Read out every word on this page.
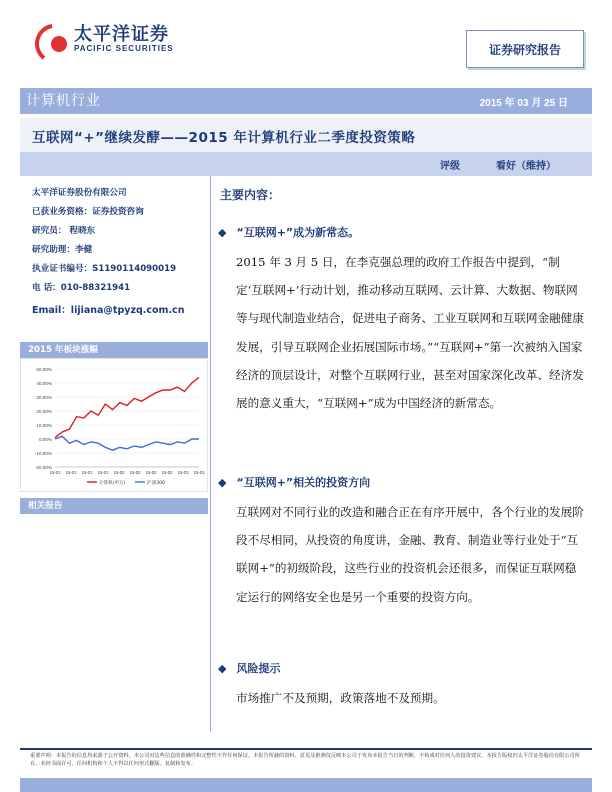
太平洋证券
PACIFIC SECURITIES	证券研究报告
计算机行业	2015 年 03 月 25 日
互联网“+”继续发酵——2015 年计算机行业二季度投资策略
评级	看好（维持）
太平洋证券股份有限公司
已获业务资格：证券投资咨询
研究员： 程晓东
研究助理：李健
执业证书编号：S1190114090019
电 话：010-88321941
Email：lijiana@tpyzq.com.cn
2015 年板块涨幅
50.00%
40.00%
30.00%
20.00%
10.00%
0.00%
-10.00%
-20.00%
15-01 15-01 15-01 15-01 15-02 15-02 15-02 15-02 15-03 15-03
计算机(申万)	沪深300
相关报告
主要内容：
◆ “互联网+”成为新常态。
2015 年 3 月 5 日，在李克强总理的政府工作报告中提到，“制定‘互联网+’行动计划，推动移动互联网、云计算、大数据、物联网等与现代制造业结合，促进电子商务、工业互联网和互联网金融健康发展，引导互联网企业拓展国际市场。”“互联网+”第一次被纳入国家经济的顶层设计，对整个互联网行业，甚至对国家深化改革、经济发展的意义重大，“互联网+”成为中国经济的新常态。
◆ “互联网+”相关的投资方向
互联网对不同行业的改造和融合正在有序开展中，各个行业的发展阶段不尽相同，从投资的角度讲，金融、教育、制造业等行业处于“互联网+”的初级阶段，这些行业的投资机会还很多，而保证互联网稳定运行的网络安全也是另一个重要的投资方向。
◆ 风险提示
市场推广不及预期，政策落地不及预期。
重要声明：本报告的信息均来源于公开资料，本公司对这些信息的准确性和完整性不作任何保证。本报告所载的资料、意见及推测仅反映本公司于发布本报告当日的判断，不构成对任何人的投资建议。本报告版权归太平洋证券股份有限公司所有，未经书面许可，任何机构和个人不得以任何形式翻版、复制和发布。
